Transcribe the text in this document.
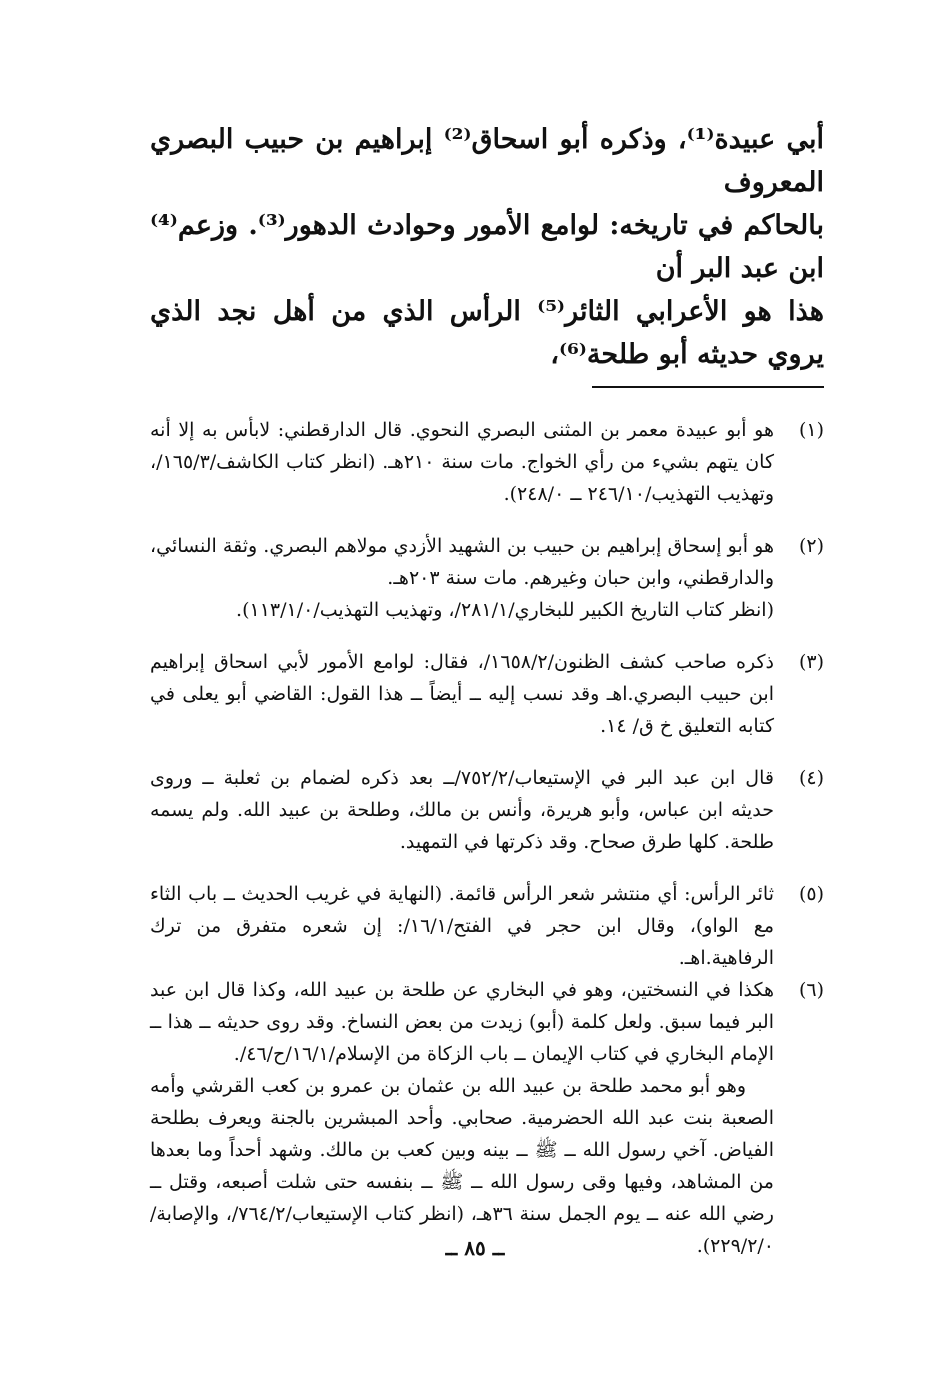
أبي عبيدة⁽¹⁾، وذكره أبو اسحاق⁽²⁾ إبراهيم بن حبيب البصري المعروف

بالحاكم في تاريخه: لوامع الأمور وحوادث الدهور⁽³⁾. وزعم⁽⁴⁾ ابن عبد البر أن

هذا هو الأعرابي الثائر⁽⁵⁾ الرأس الذي من أهل نجد الذي يروي حديثه أبو طلحة⁽⁶⁾،

(١)

هو أبو عبيدة معمر بن المثنى البصري النحوي. قال الدارقطني: لابأس به إلا أنه كان يتهم بشيء من رأي الخواج. مات سنة ٢١٠هـ. (انظر كتاب الكاشف/١٦٥/٣/، وتهذيب التهذيب/٢٤٦/١٠ ــ ٢٤٨/٠).

(٢)

هو أبو إسحاق إبراهيم بن حبيب بن الشهيد الأزدي مولاهم البصري. وثقة النسائي، والدارقطني، وابن حبان وغيرهم. مات سنة ٢٠٣هـ.

(انظر كتاب التاريخ الكبير للبخاري/٢٨١/١/، وتهذيب التهذيب/١١٣/١/٠).

(٣)

ذكره صاحب كشف الظنون/١٦٥٨/٢/، فقال: لوامع الأمور لأبي اسحاق إبراهيم ابن حبيب البصري.اهـ وقد نسب إليه ــ أيضاً ــ هذا القول: القاضي أبو يعلى في كتابه التعليق خ ق/ ١٤.

(٤)

قال ابن عبد البر في الإستيعاب/٧٥٢/٢/ــ بعد ذكره لضمام بن ثعلبة ــ وروى حديثه ابن عباس، وأبو هريرة، وأنس بن مالك، وطلحة بن عبيد الله. ولم يسمه طلحة. كلها طرق صحاح. وقد ذكرتها في التمهيد.

(٥)

ثائر الرأس: أي منتشر شعر الرأس قائمة. (النهاية في غريب الحديث ــ باب الثاء مع الواو)، وقال ابن حجر في الفتح/١٦/١/: إن شعره متفرق من ترك الرفاهية.اهـ.

(٦)

هكذا في النسختين، وهو في البخاري عن طلحة بن عبيد الله، وكذا قال ابن عبد البر فيما سبق. ولعل كلمة (أبو) زيدت من بعض النساخ. وقد روى حديثه ــ هذا ــ الإمام البخاري في كتاب الإيمان ــ باب الزكاة من الإسلام/١٦/١/ح/٤٦/.

وهو أبو محمد طلحة بن عبيد الله بن عثمان بن عمرو بن كعب القرشي وأمه الصعبة بنت عبد الله الحضرمية. صحابي. وأحد المبشرين بالجنة ويعرف بطلحة الفياض. آخي رسول الله ــ ﷺ ــ بينه وبين كعب بن مالك. وشهد أحداً وما بعدها من المشاهد، وفيها وقى رسول الله ــ ﷺ ــ بنفسه حتى شلت أصبعه، وقتل ــ رضي الله عنه ــ يوم الجمل سنة ٣٦هـ، (انظر كتاب الإستيعاب/٧٦٤/٢/، والإصابة/٢٢٩/٢/٠).

ــ ٨٥ ــ
